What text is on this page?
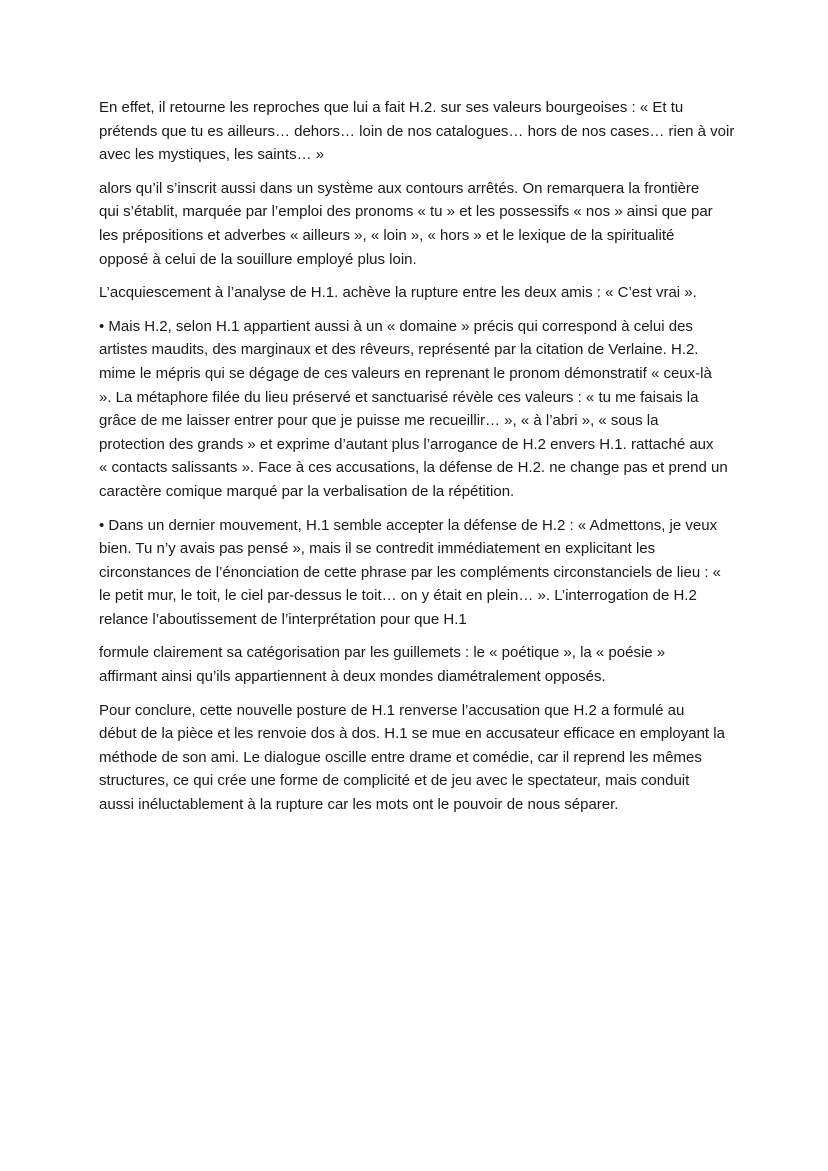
En effet, il retourne les reproches que lui a fait H.2. sur ses valeurs bourgeoises : « Et tu
prétends que tu es ailleurs… dehors… loin de nos catalogues… hors de nos cases… rien à voir
avec les mystiques, les saints… »

alors qu’il s’inscrit aussi dans un système aux contours arrêtés. On remarquera la frontière
qui s’établit, marquée par l’emploi des pronoms « tu » et les possessifs « nos » ainsi que par
les prépositions et adverbes « ailleurs », « loin », « hors » et le lexique de la spiritualité
opposé à celui de la souillure employé plus loin.

L’acquiescement à l’analyse de H.1. achève la rupture entre les deux amis : « C’est vrai ».

• Mais H.2, selon H.1 appartient aussi à un « domaine » précis qui correspond à celui des
artistes maudits, des marginaux et des rêveurs, représenté par la citation de Verlaine. H.2.
mime le mépris qui se dégage de ces valeurs en reprenant le pronom démonstratif « ceux-là
». La métaphore filée du lieu préservé et sanctuarisé révèle ces valeurs : « tu me faisais la
grâce de me laisser entrer pour que je puisse me recueillir… », « à l’abri », « sous la
protection des grands » et exprime d’autant plus l’arrogance de H.2 envers H.1. rattaché aux
« contacts salissants ». Face à ces accusations, la défense de H.2. ne change pas et prend un
caractère comique marqué par la verbalisation de la répétition.

• Dans un dernier mouvement, H.1 semble accepter la défense de H.2 : « Admettons, je veux
bien. Tu n’y avais pas pensé », mais il se contredit immédiatement en explicitant les
circonstances de l’énonciation de cette phrase par les compléments circonstanciels de lieu : «
le petit mur, le toit, le ciel par-dessus le toit… on y était en plein… ». L’interrogation de H.2
relance l’aboutissement de l’interprétation pour que H.1

formule clairement sa catégorisation par les guillemets : le « poétique », la « poésie »
affirmant ainsi qu’ils appartiennent à deux mondes diamétralement opposés.

Pour conclure, cette nouvelle posture de H.1 renverse l’accusation que H.2 a formulé au
début de la pièce et les renvoie dos à dos. H.1 se mue en accusateur efficace en employant la
méthode de son ami. Le dialogue oscille entre drame et comédie, car il reprend les mêmes
structures, ce qui crée une forme de complicité et de jeu avec le spectateur, mais conduit
aussi inéluctablement à la rupture car les mots ont le pouvoir de nous séparer.
